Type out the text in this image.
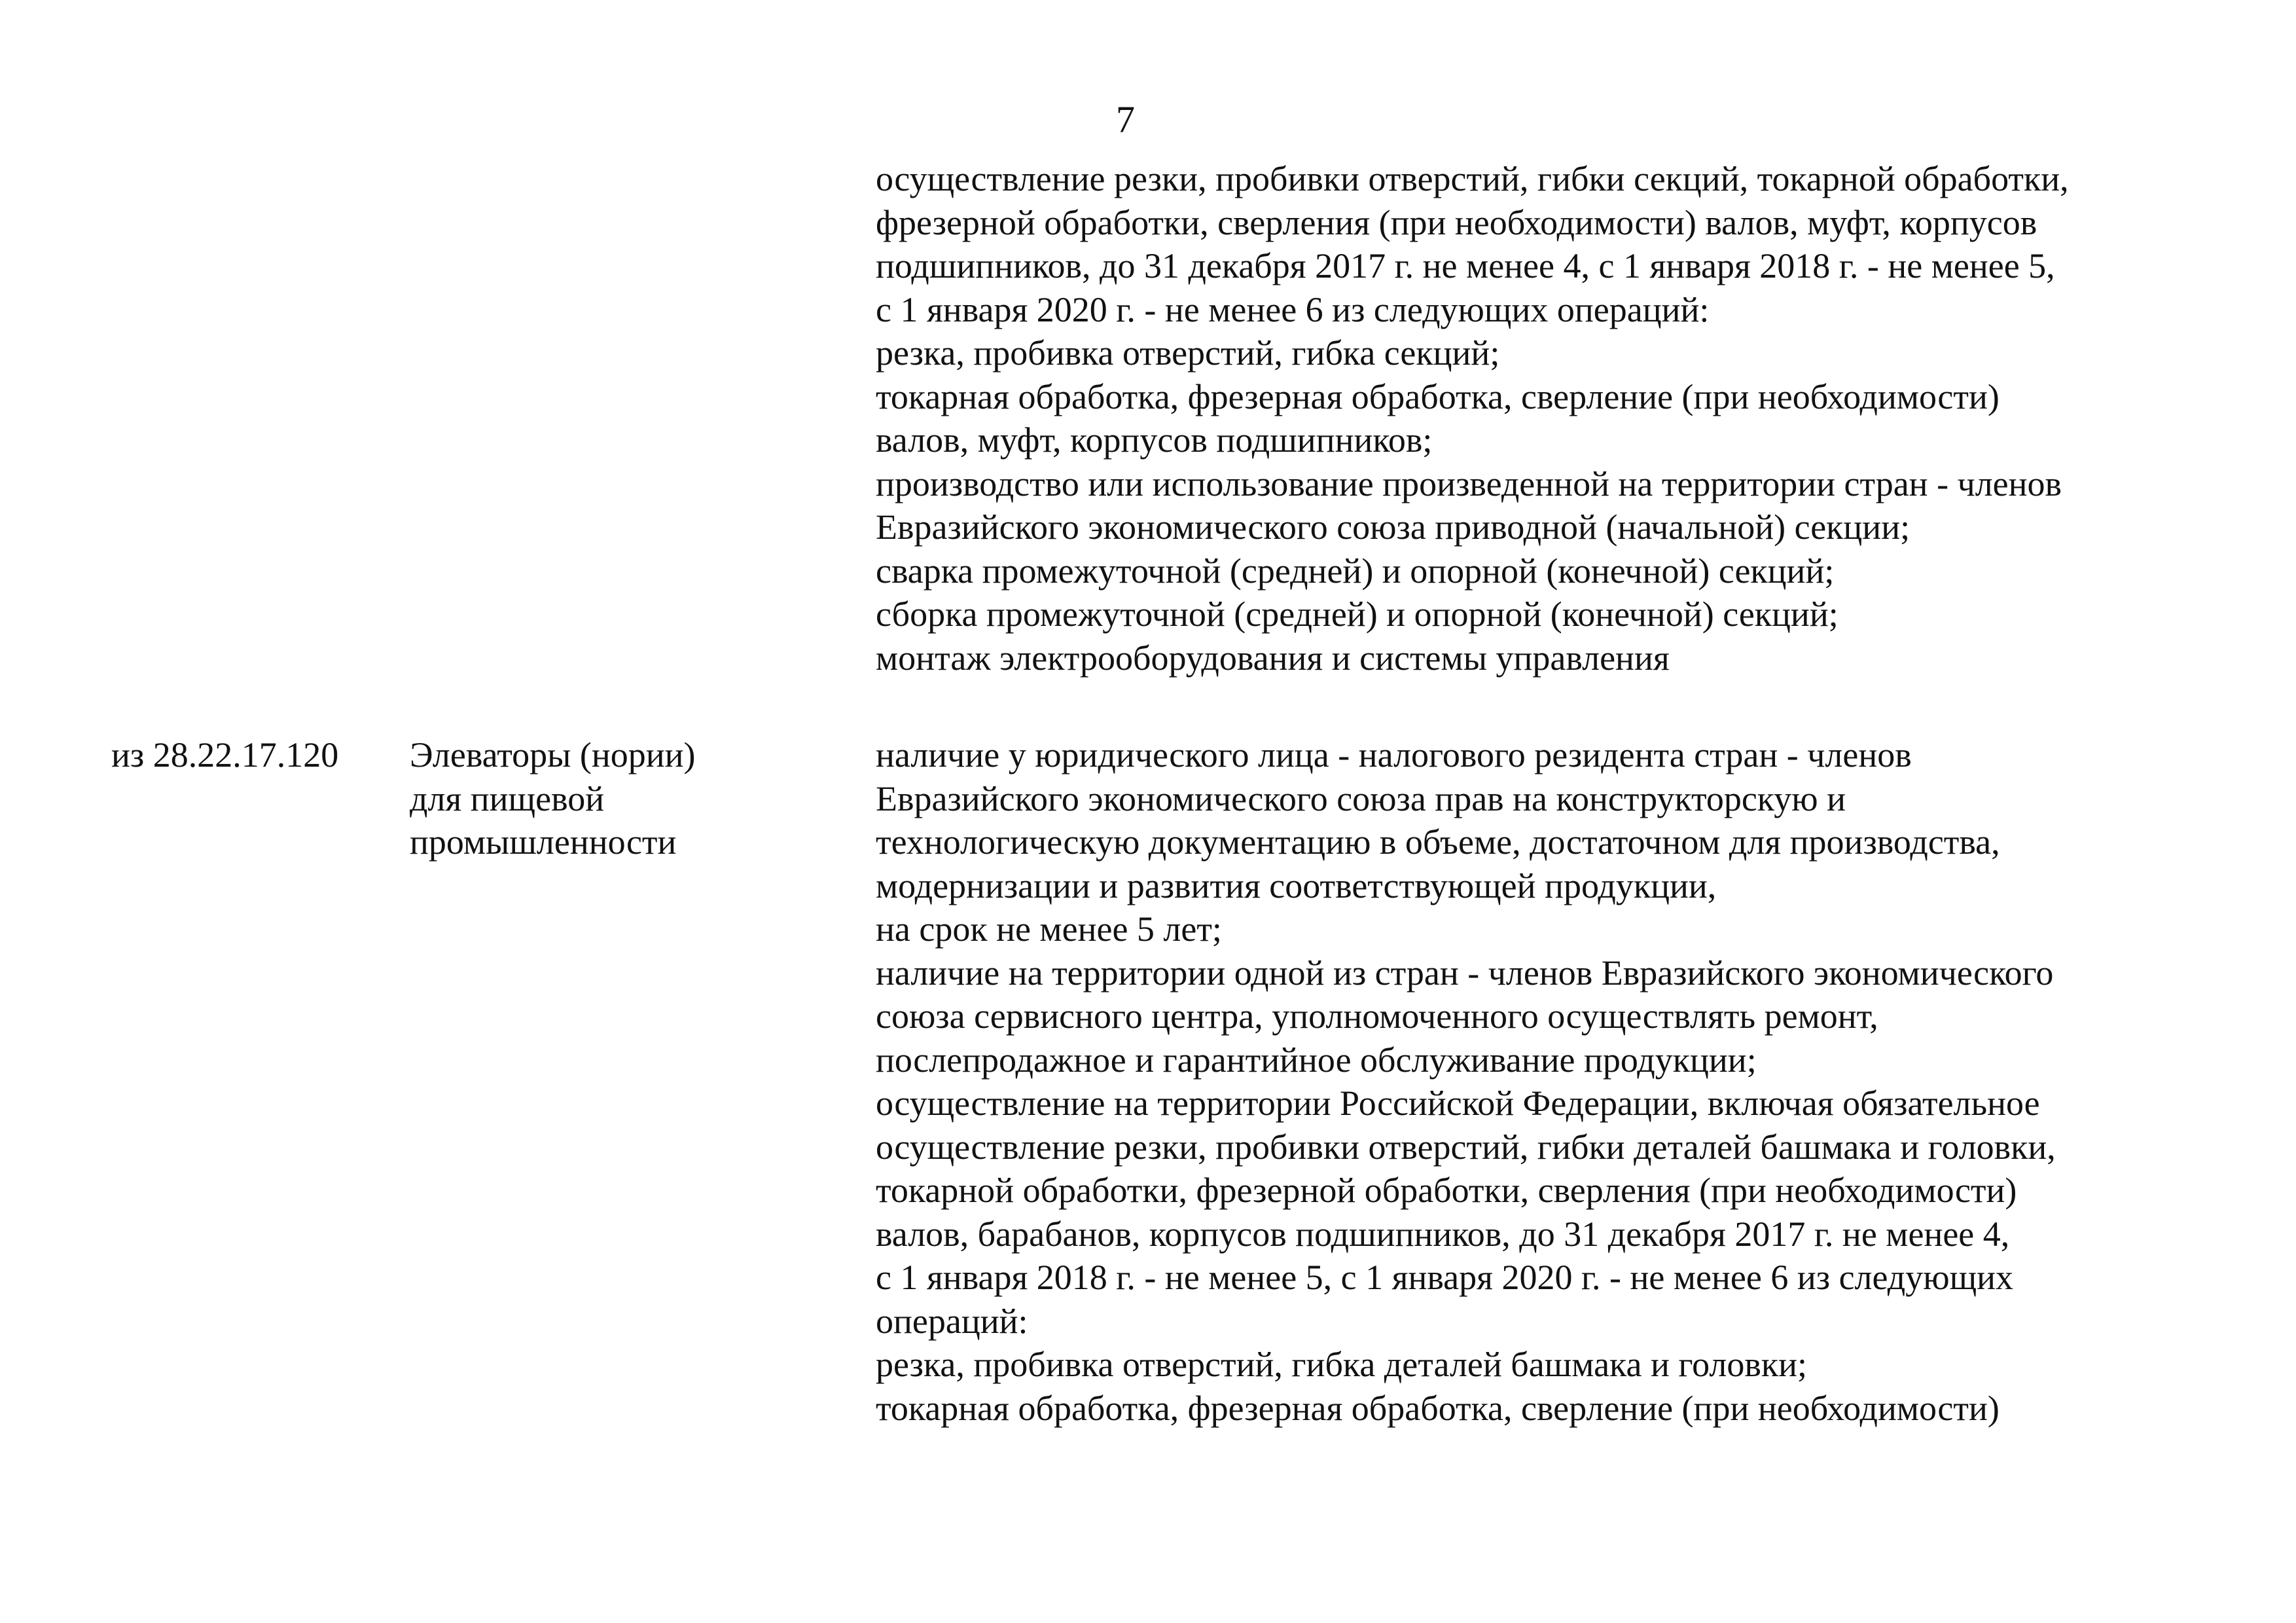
7
осуществление резки, пробивки отверстий, гибки секций, токарной обработки,
фрезерной обработки, сверления (при необходимости) валов, муфт, корпусов
подшипников, до 31 декабря 2017 г. не менее 4, с 1 января 2018 г. - не менее 5,
с 1 января 2020 г. - не менее 6 из следующих операций:
резка, пробивка отверстий, гибка секций;
токарная обработка, фрезерная обработка, сверление (при необходимости)
валов, муфт, корпусов подшипников;
производство или использование произведенной на территории стран - членов
Евразийского экономического союза приводной (начальной) секции;
сварка промежуточной (средней) и опорной (конечной) секций;
сборка промежуточной (средней) и опорной (конечной) секций;
монтаж электрооборудования и системы управления
из 28.22.17.120 Элеваторы (нории)
для пищевой
промышленности
наличие у юридического лица - налогового резидента стран - членов
Евразийского экономического союза прав на конструкторскую и
технологическую документацию в объеме, достаточном для производства,
модернизации и развития соответствующей продукции,
на срок не менее 5 лет;
наличие на территории одной из стран - членов Евразийского экономического
союза сервисного центра, уполномоченного осуществлять ремонт,
послепродажное и гарантийное обслуживание продукции;
осуществление на территории Российской Федерации, включая обязательное
осуществление резки, пробивки отверстий, гибки деталей башмака и головки,
токарной обработки, фрезерной обработки, сверления (при необходимости)
валов, барабанов, корпусов подшипников, до 31 декабря 2017 г. не менее 4,
с 1 января 2018 г. - не менее 5, с 1 января 2020 г. - не менее 6 из следующих
операций:
резка, пробивка отверстий, гибка деталей башмака и головки;
токарная обработка, фрезерная обработка, сверление (при необходимости)
